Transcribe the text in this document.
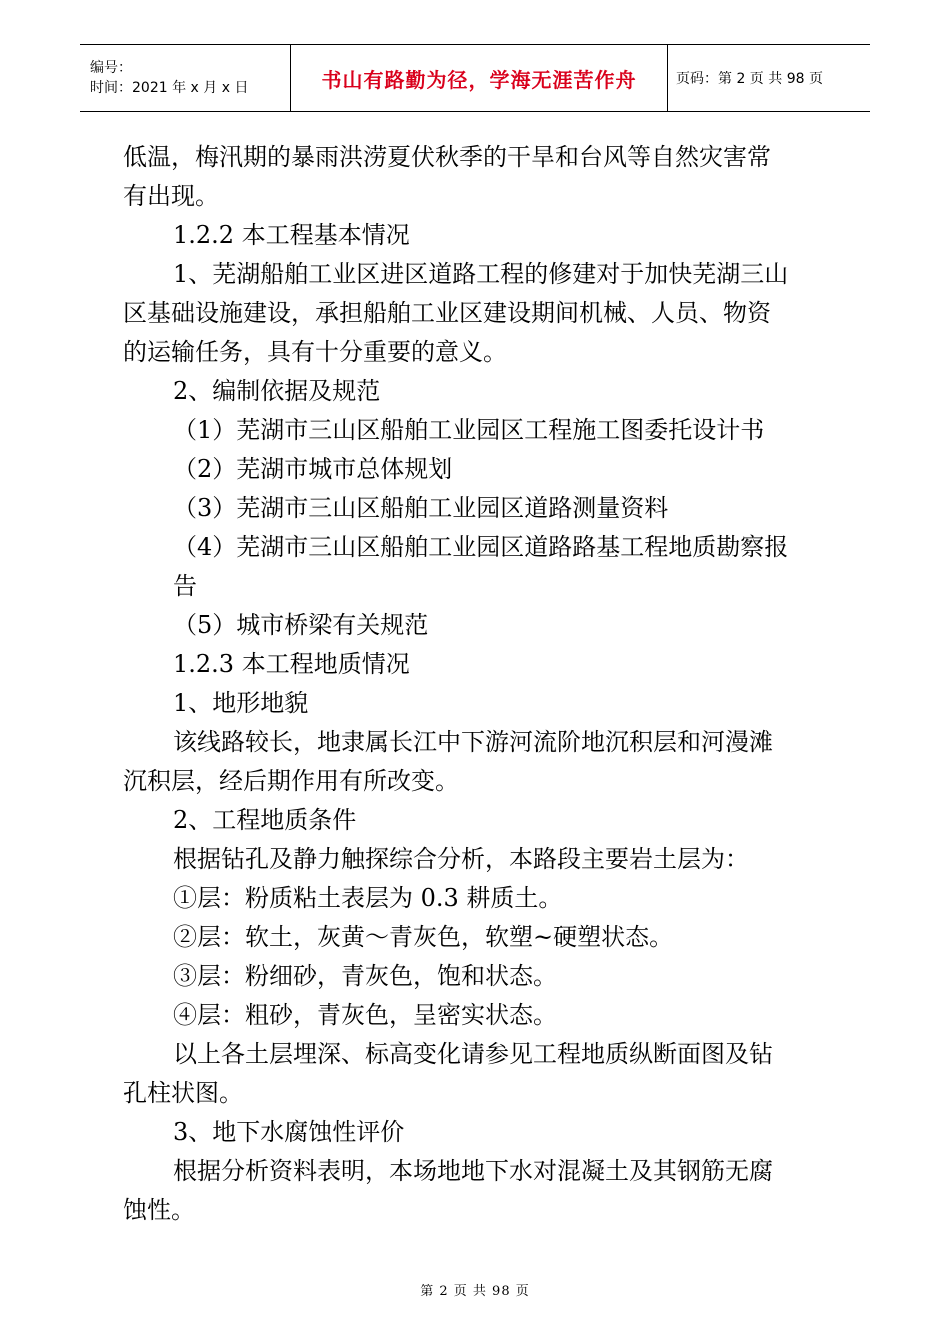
编号：
时间：2021 年 x 月 x 日	书山有路勤为径，学海无涯苦作舟	页码：第 2 页 共 98 页
低温，梅汛期的暴雨洪涝夏伏秋季的干旱和台风等自然灾害常
有出现。
1.2.2 本工程基本情况
1、芜湖船舶工业区进区道路工程的修建对于加快芜湖三山
区基础设施建设，承担船舶工业区建设期间机械、人员、物资
的运输任务，具有十分重要的意义。
2、编制依据及规范
（1）芜湖市三山区船舶工业园区工程施工图委托设计书
（2）芜湖市城市总体规划
（3）芜湖市三山区船舶工业园区道路测量资料
（4）芜湖市三山区船舶工业园区道路路基工程地质勘察报
告
（5）城市桥梁有关规范
1.2.3 本工程地质情况
1、地形地貌
该线路较长，地隶属长江中下游河流阶地沉积层和河漫滩
沉积层，经后期作用有所改变。
2、工程地质条件
根据钻孔及静力触探综合分析，本路段主要岩土层为：
①层：粉质粘土表层为 0.3 耕质土。
②层：软土，灰黄～青灰色，软塑~硬塑状态。
③层：粉细砂，青灰色，饱和状态。
④层：粗砂，青灰色，呈密实状态。
以上各土层埋深、标高变化请参见工程地质纵断面图及钻
孔柱状图。
3、地下水腐蚀性评价
根据分析资料表明，本场地地下水对混凝土及其钢筋无腐
蚀性。
第 2 页 共 98 页
